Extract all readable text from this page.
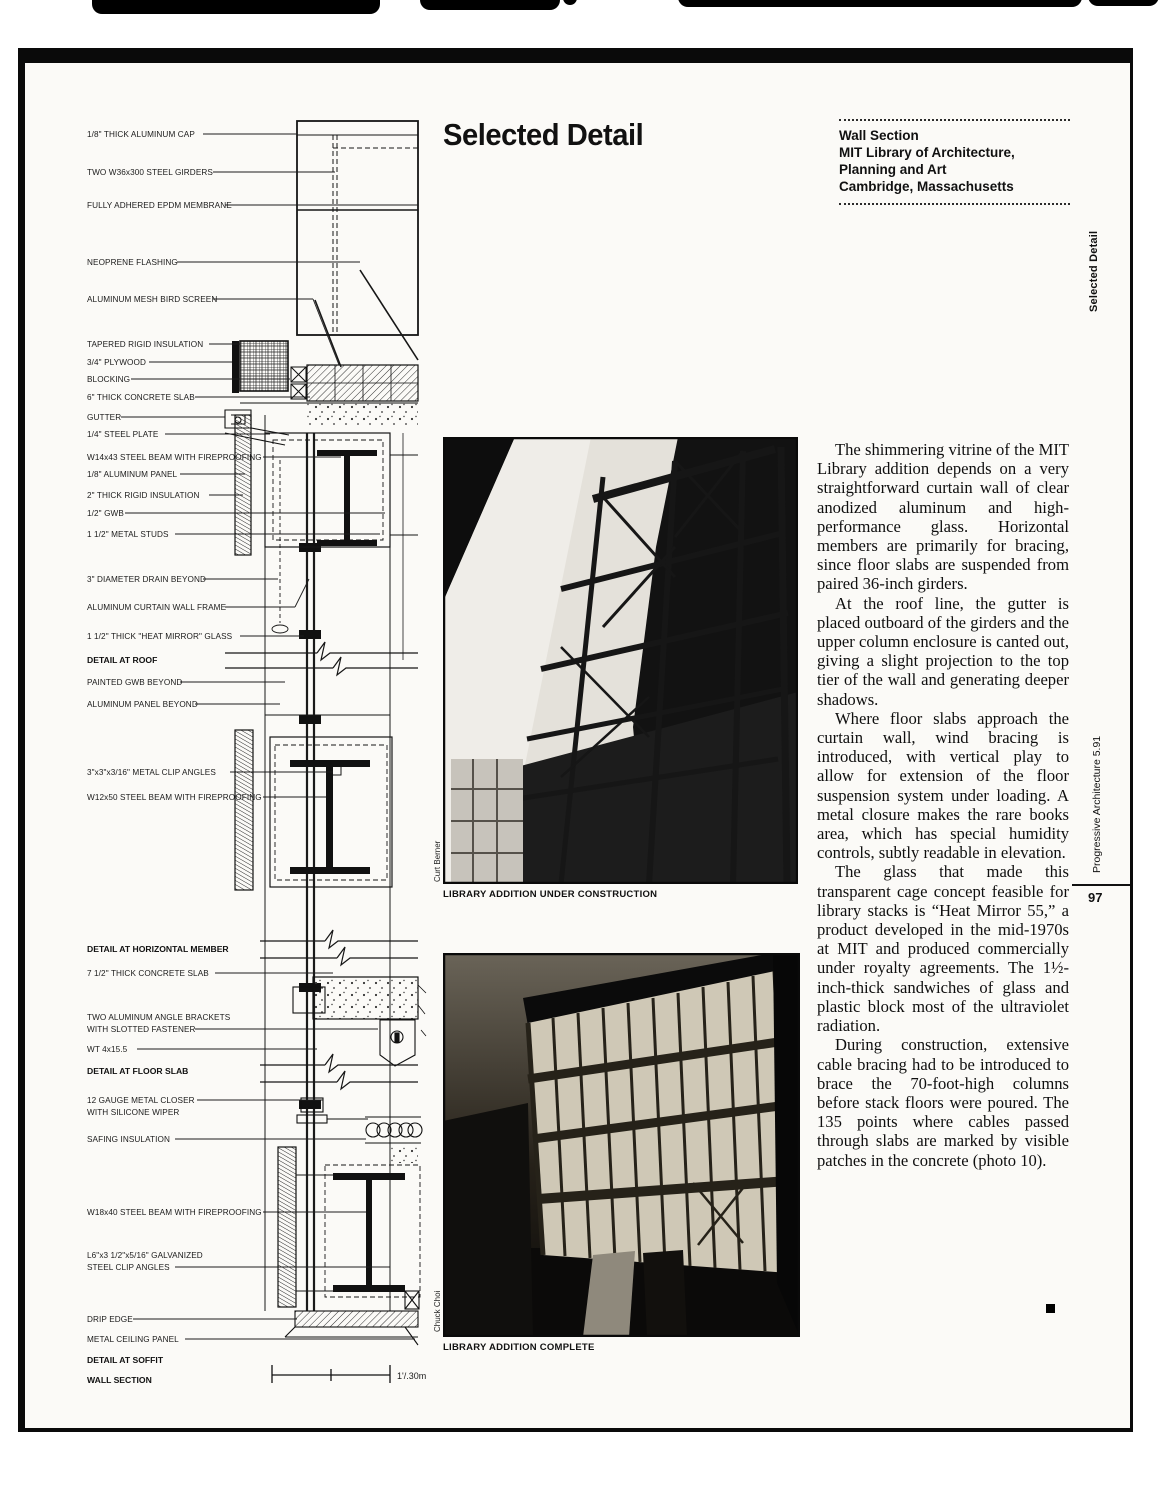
1'/.30m
1/8" THICK ALUMINUM CAP
TWO W36x300 STEEL GIRDERS
FULLY ADHERED EPDM MEMBRANE
NEOPRENE FLASHING
ALUMINUM MESH BIRD SCREEN
TAPERED RIGID INSULATION
3/4" PLYWOOD
BLOCKING
6" THICK CONCRETE SLAB
GUTTER
1/4" STEEL PLATE
W14x43 STEEL BEAM WITH FIREPROOFING
1/8" ALUMINUM PANEL
2" THICK RIGID INSULATION
1/2" GWB
1 1/2" METAL STUDS
3" DIAMETER DRAIN BEYOND
ALUMINUM CURTAIN WALL FRAME
1 1/2" THICK "HEAT MIRROR" GLASS
DETAIL AT ROOF
PAINTED GWB BEYOND
ALUMINUM PANEL BEYOND
3"x3"x3/16" METAL CLIP ANGLES
W12x50 STEEL BEAM WITH FIREPROOFING
DETAIL AT HORIZONTAL MEMBER
7 1/2" THICK CONCRETE SLAB
TWO ALUMINUM ANGLE BRACKETS
WITH SLOTTED FASTENER
WT 4x15.5
DETAIL AT FLOOR SLAB
12 GAUGE METAL CLOSER
WITH SILICONE WIPER
SAFING INSULATION
W18x40 STEEL BEAM WITH FIREPROOFING
L6"x3 1/2"x5/16" GALVANIZED
STEEL CLIP ANGLES
DRIP EDGE
METAL CEILING PANEL
DETAIL AT SOFFIT
WALL SECTION
Selected Detail	Wall Section
MIT Library of Architecture,
Planning and Art
Cambridge, Massachusetts
LIBRARY ADDITION UNDER CONSTRUCTION
Curt Berner
LIBRARY ADDITION COMPLETE
Chuck Choi

The shimmering vitrine of the MIT Library addition depends on a very straightforward curtain wall of clear anodized aluminum and high-performance glass. Horizontal members are primarily for bracing, since floor slabs are suspended from paired 36-inch girders.

At the roof line, the gutter is placed outboard of the girders and the upper column enclosure is canted out, giving a slight projection to the top tier of the wall and generating deeper shadows.

Where floor slabs approach the curtain wall, wind bracing is introduced, with vertical play to allow for extension of the floor suspension system under loading. A metal closure makes the rare books area, which has special humidity controls, subtly readable in elevation.

The glass that made this transparent cage concept feasible for library stacks is “Heat Mirror 55,” a product developed in the mid-1970s at MIT and produced commercially under royalty agreements. The 1½-inch-thick sandwiches of glass and plastic block most of the ultraviolet radiation.

During construction, extensive cable bracing had to be introduced to brace the 70-foot-high columns before stack floors were poured. The 135 points where cables passed through slabs are marked by visible patches in the concrete (photo 10).

Selected Detail
Progressive Architecture 5.91
97
